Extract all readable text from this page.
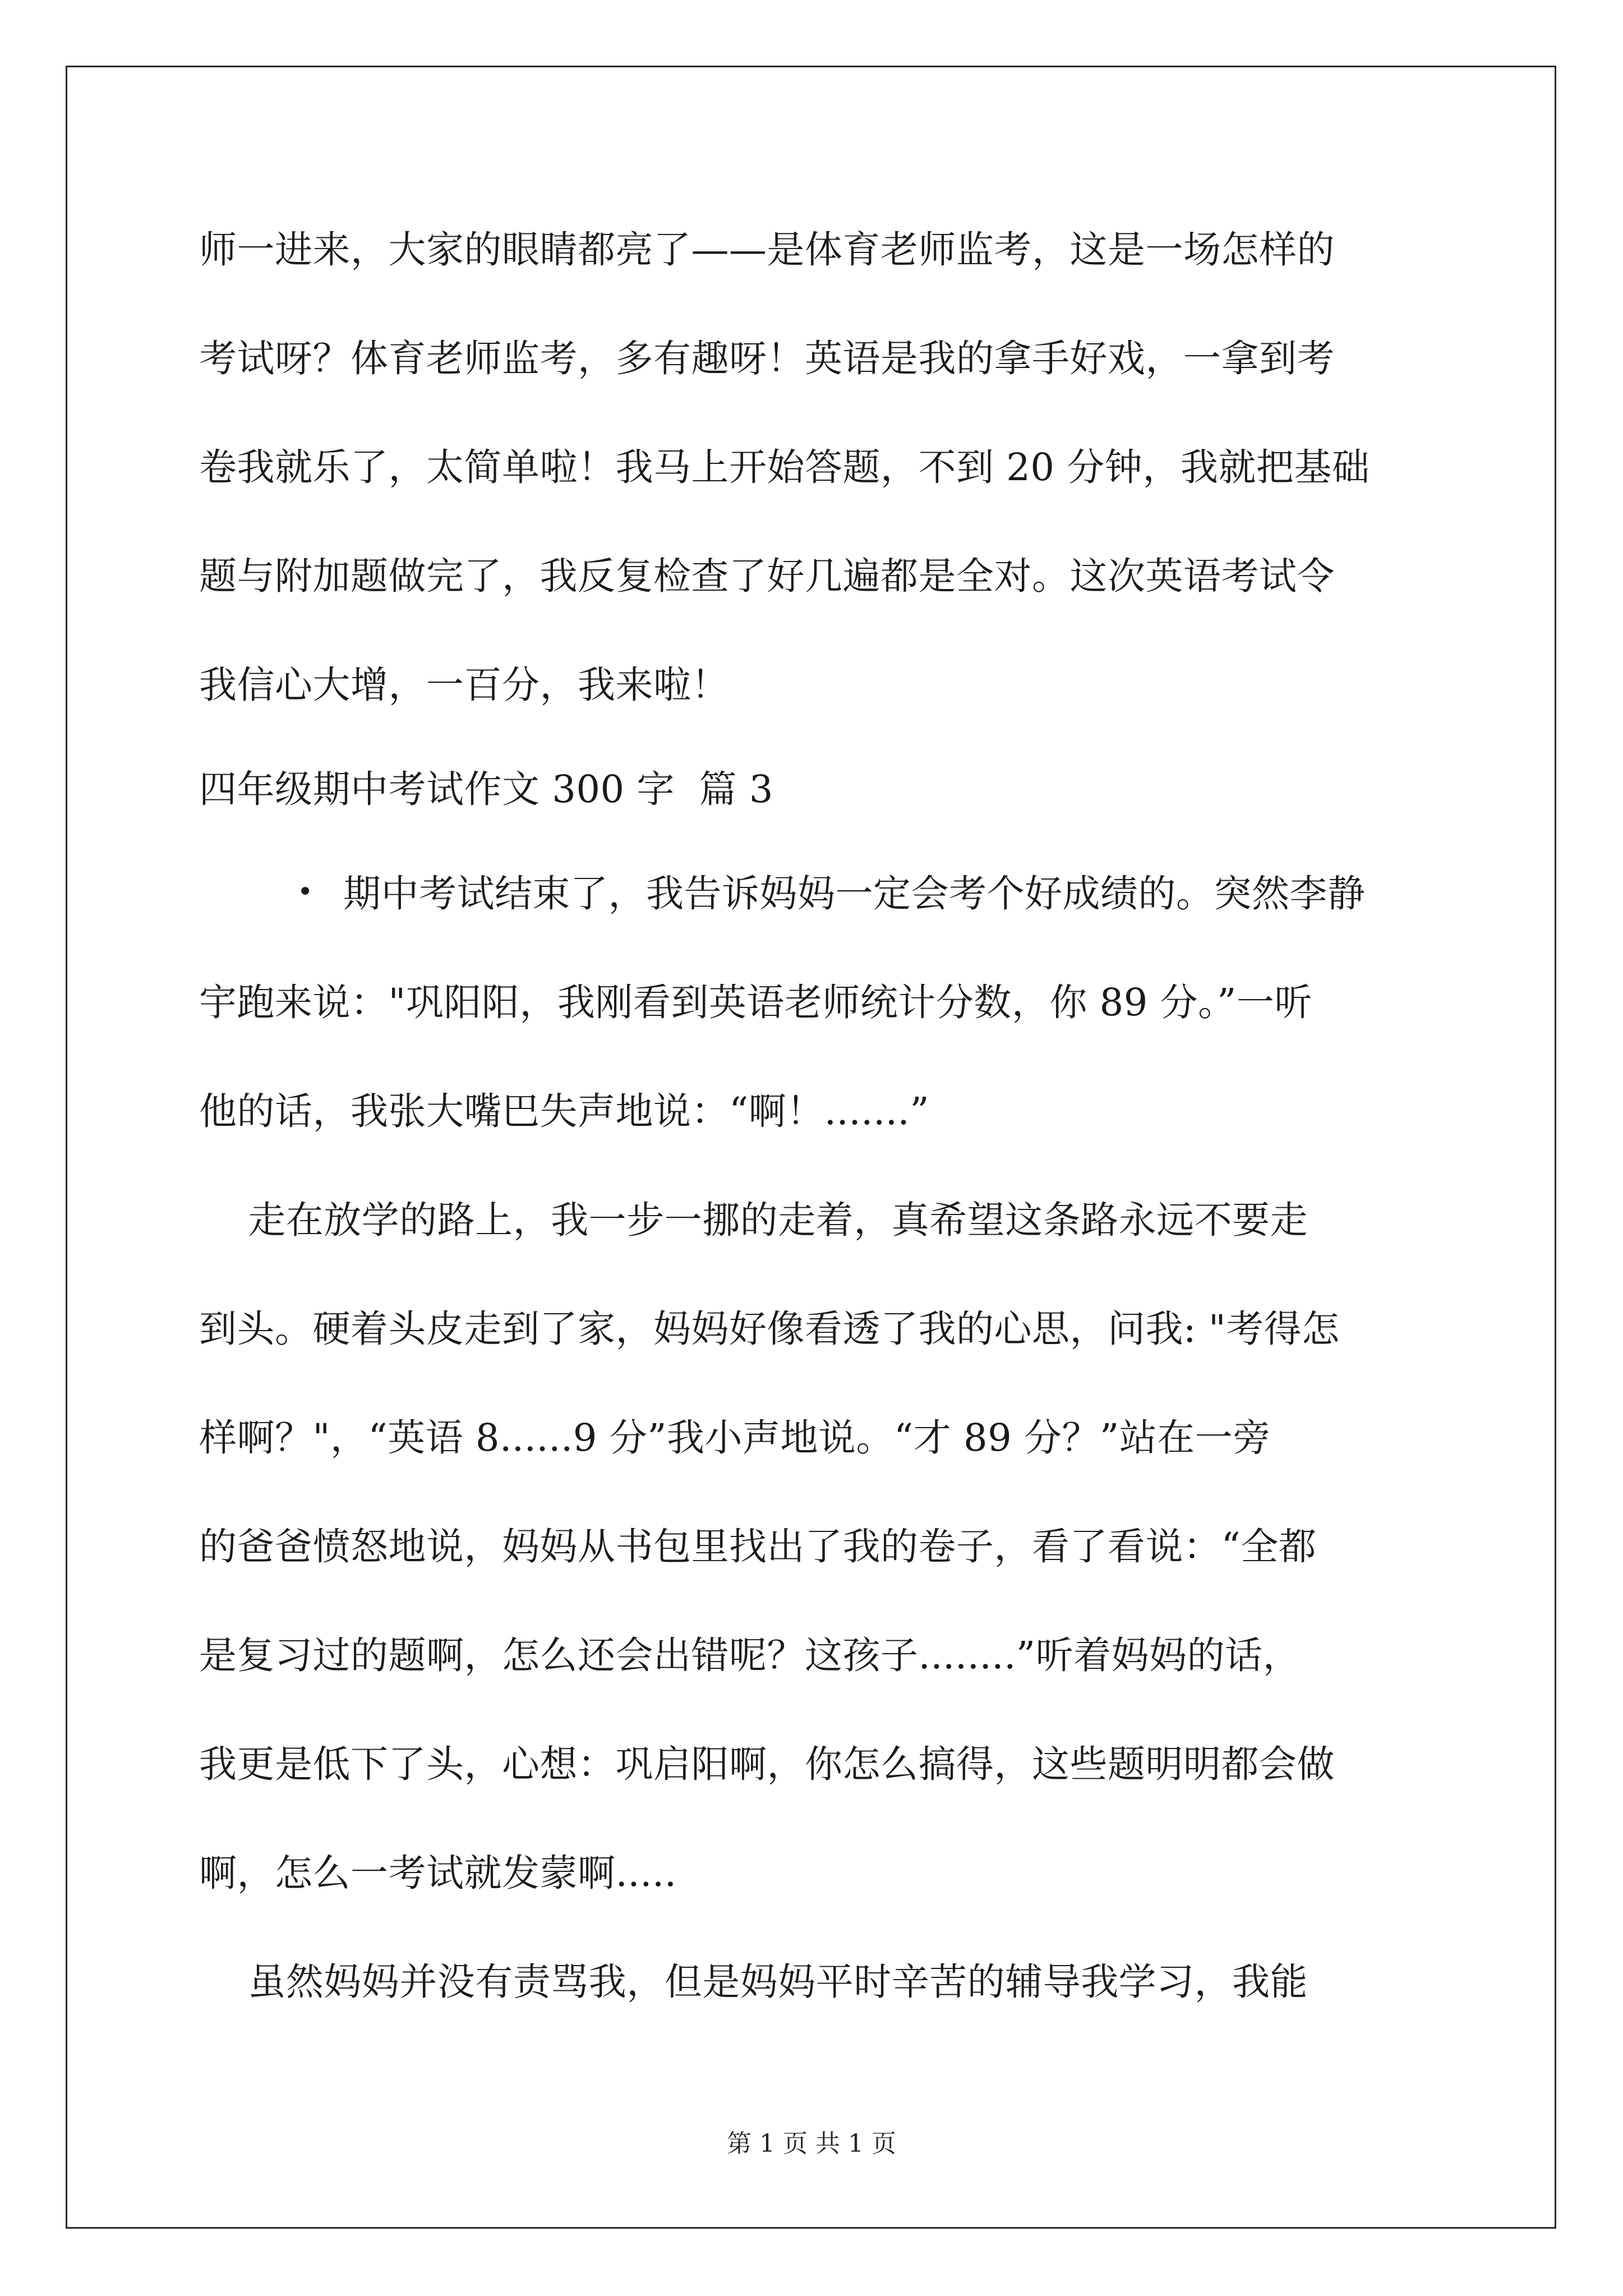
师一进来，大家的眼睛都亮了——是体育老师监考，这是一场怎样的
考试呀？体育老师监考，多有趣呀！英语是我的拿手好戏，一拿到考
卷我就乐了，太简单啦！我马上开始答题，不到 20 分钟，我就把基础
题与附加题做完了，我反复检查了好几遍都是全对。这次英语考试令
我信心大增，一百分，我来啦！
四年级期中考试作文 300 字  篇 3
• 期中考试结束了，我告诉妈妈一定会考个好成绩的。突然李静
宇跑来说："巩阳阳，我刚看到英语老师统计分数，你 89 分。”一听
他的话，我张大嘴巴失声地说：“啊！.......”
走在放学的路上，我一步一挪的走着，真希望这条路永远不要走
到头。硬着头皮走到了家，妈妈好像看透了我的心思，问我: "考得怎
样啊？"，“英语 8......9 分”我小声地说。“才 89 分？”站在一旁
的爸爸愤怒地说，妈妈从书包里找出了我的卷子，看了看说：“全都
是复习过的题啊，怎么还会出错呢？这孩子........”听着妈妈的话，
我更是低下了头，心想：巩启阳啊，你怎么搞得，这些题明明都会做
啊，怎么一考试就发蒙啊.....
虽然妈妈并没有责骂我，但是妈妈平时辛苦的辅导我学习，我能
第 1 页 共 1 页
